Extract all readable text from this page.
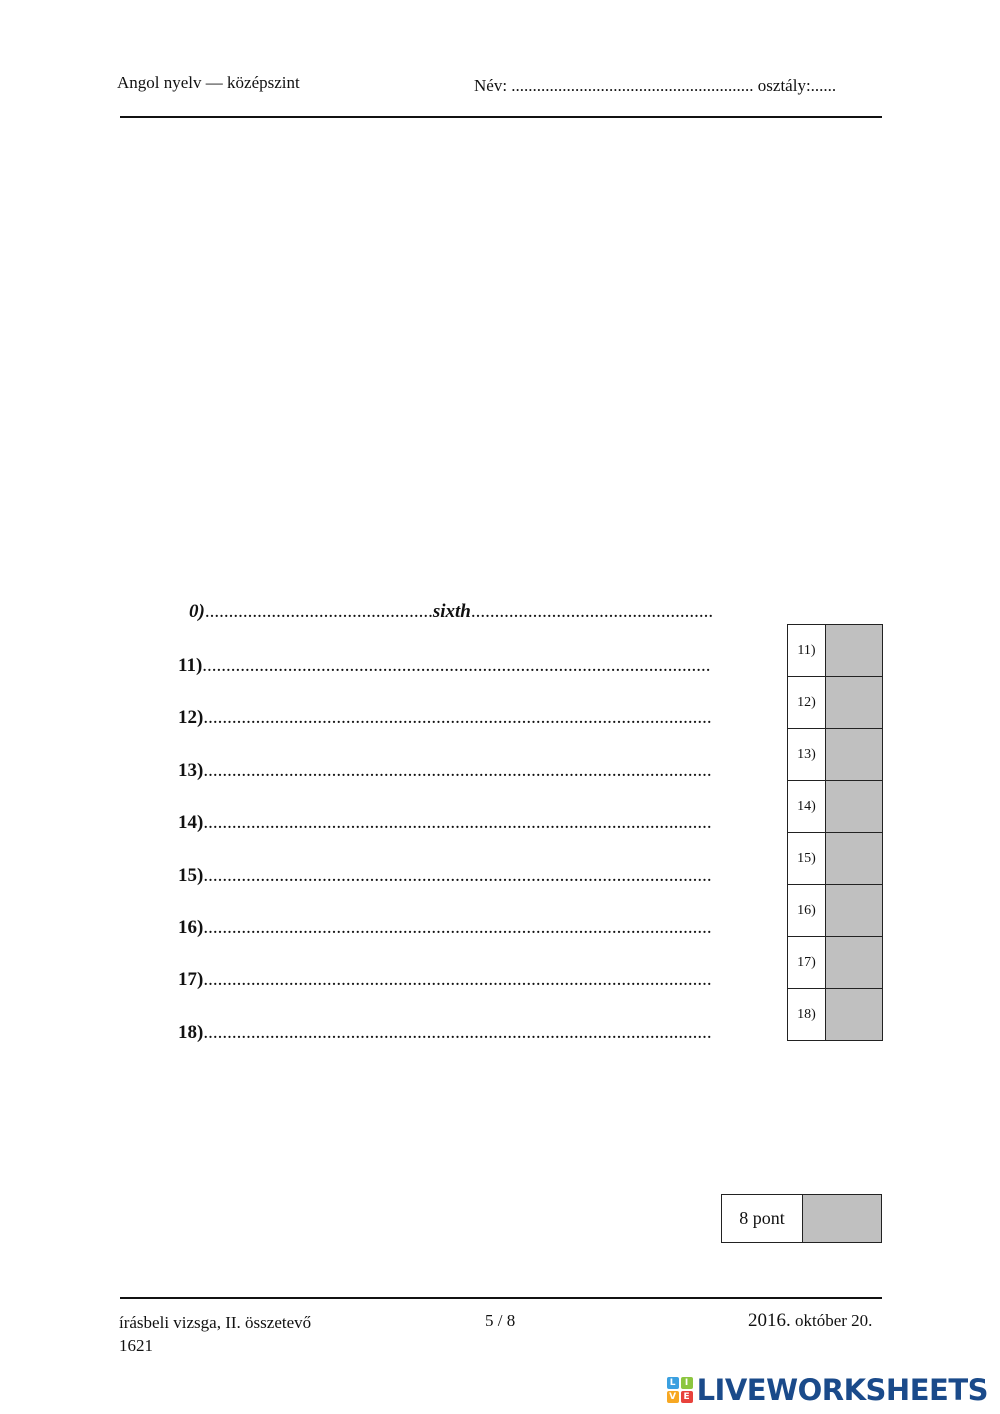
Angol nyelv — középszint	Név: ......................................................... osztály:......
0)................................................sixth...................................................
11)...........................................................................................................
12)...........................................................................................................
13)...........................................................................................................
14)...........................................................................................................
15)...........................................................................................................
16)...........................................................................................................
17)...........................................................................................................
18)...........................................................................................................
11)	
12)	
13)	
14)	
15)	
16)	
17)	
18)	
8 pont	
írásbeli vizsga, II. összetevő
1621
5 / 8	2016. október 20.
L	I
V E LIVEWORKSHEETS
